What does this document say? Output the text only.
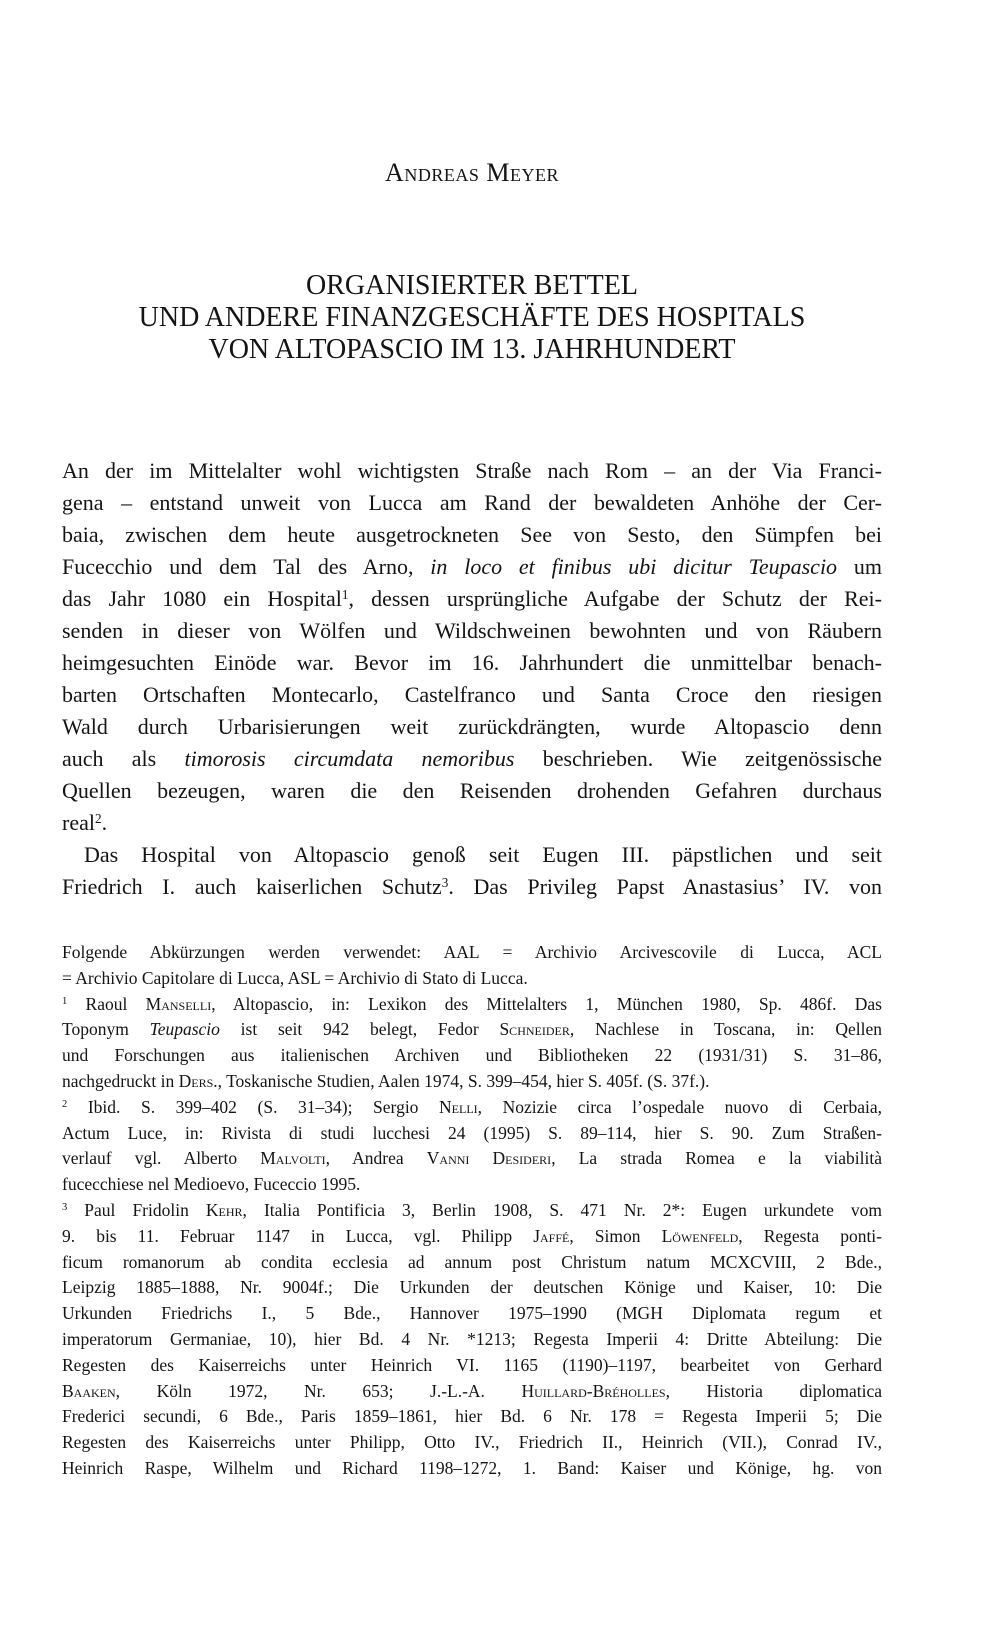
Andreas Meyer
ORGANISIERTER BETTEL
UND ANDERE FINANZGESCHÄFTE DES HOSPITALS
VON ALTOPASCIO IM 13. JAHRHUNDERT
An der im Mittelalter wohl wichtigsten Straße nach Rom – an der Via Franci-
gena – entstand unweit von Lucca am Rand der bewaldeten Anhöhe der Cer-
baia, zwischen dem heute ausgetrockneten See von Sesto, den Sümpfen bei
Fucecchio und dem Tal des Arno, in loco et finibus ubi dicitur Teupascio um
das Jahr 1080 ein Hospital$^1$, dessen ursprüngliche Aufgabe der Schutz der Rei-
senden in dieser von Wölfen und Wildschweinen bewohnten und von Räubern
heimgesuchten Einöde war. Bevor im 16. Jahrhundert die unmittelbar benach-
barten Ortschaften Montecarlo, Castelfranco und Santa Croce den riesigen
Wald durch Urbarisierungen weit zurückdrängten, wurde Altopascio denn
auch als timorosis circumdata nemoribus beschrieben. Wie zeitgenössische
Quellen bezeugen, waren die den Reisenden drohenden Gefahren durchaus
real$^2$.
Das Hospital von Altopascio genoß seit Eugen III. päpstlichen und seit
Friedrich I. auch kaiserlichen Schutz$^3$. Das Privileg Papst Anastasius’ IV. von
Folgende Abkürzungen werden verwendet: AAL = Archivio Arcivescovile di Lucca, ACL
= Archivio Capitolare di Lucca, ASL = Archivio di Stato di Lucca.
$^1$ Raoul Manselli, Altopascio, in: Lexikon des Mittelalters 1, München 1980, Sp. 486f. Das
Toponym Teupascio ist seit 942 belegt, Fedor Schneider, Nachlese in Toscana, in: Qellen
und Forschungen aus italienischen Archiven und Bibliotheken 22 (1931/31) S. 31–86,
nachgedruckt in Ders., Toskanische Studien, Aalen 1974, S. 399–454, hier S. 405f. (S. 37f.).
$^2$ Ibid. S. 399–402 (S. 31–34); Sergio Nelli, Nozizie circa l’ospedale nuovo di Cerbaia,
Actum Luce, in: Rivista di studi lucchesi 24 (1995) S. 89–114, hier S. 90. Zum Straßen-
verlauf vgl. Alberto Malvolti, Andrea Vanni Desideri, La strada Romea e la viabilità
fucecchiese nel Medioevo, Fuceccio 1995.
$^3$ Paul Fridolin Kehr, Italia Pontificia 3, Berlin 1908, S. 471 Nr. 2*: Eugen urkundete vom
9. bis 11. Februar 1147 in Lucca, vgl. Philipp Jaffé, Simon Löwenfeld, Regesta ponti-
ficum romanorum ab condita ecclesia ad annum post Christum natum MCXCVIII, 2 Bde.,
Leipzig 1885–1888, Nr. 9004f.; Die Urkunden der deutschen Könige und Kaiser, 10: Die
Urkunden Friedrichs I., 5 Bde., Hannover 1975–1990 (MGH Diplomata regum et
imperatorum Germaniae, 10), hier Bd. 4 Nr. *1213; Regesta Imperii 4: Dritte Abteilung: Die
Regesten des Kaiserreichs unter Heinrich VI. 1165 (1190)–1197, bearbeitet von Gerhard
Baaken, Köln 1972, Nr. 653; J.-L.-A. Huillard-Bréholles, Historia diplomatica
Frederici secundi, 6 Bde., Paris 1859–1861, hier Bd. 6 Nr. 178 = Regesta Imperii 5; Die
Regesten des Kaiserreichs unter Philipp, Otto IV., Friedrich II., Heinrich (VII.), Conrad IV.,
Heinrich Raspe, Wilhelm und Richard 1198–1272, 1. Band: Kaiser und Könige, hg. von
